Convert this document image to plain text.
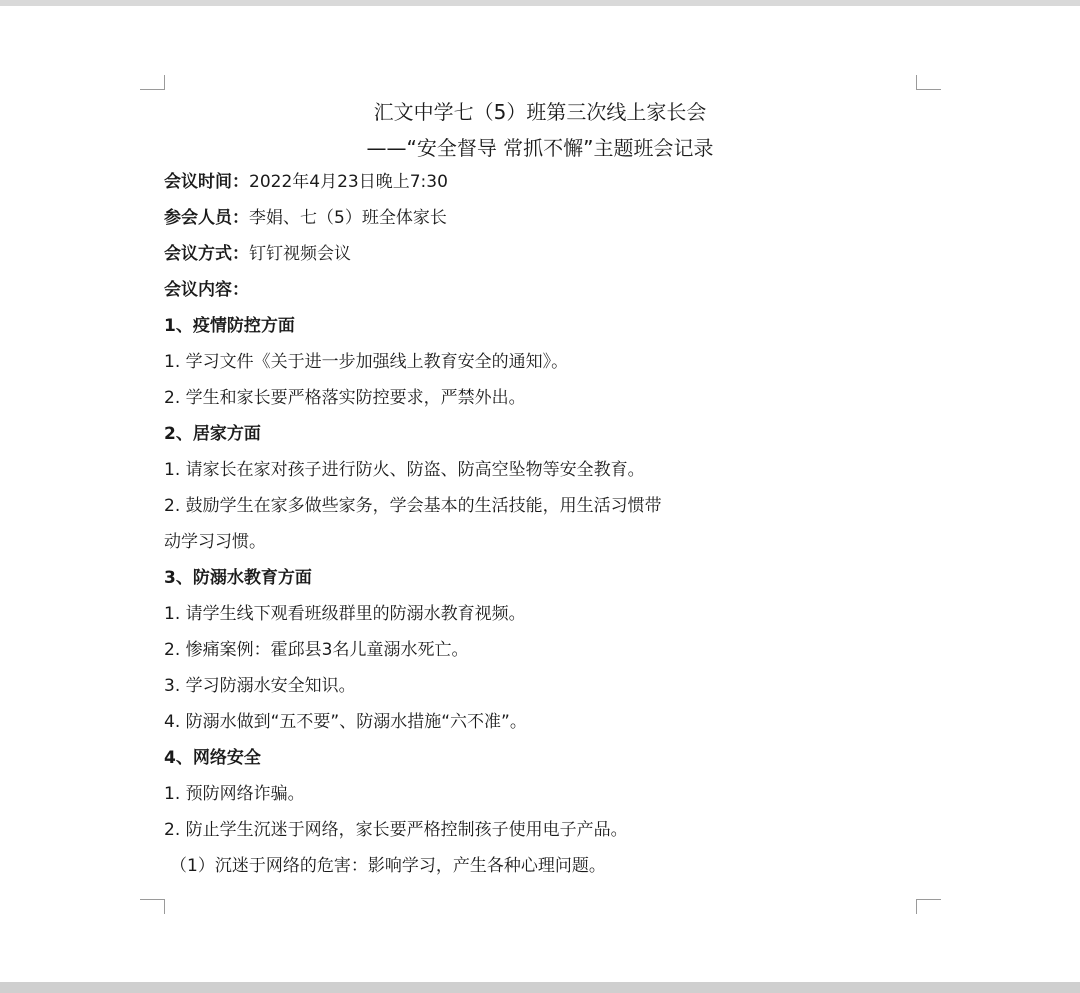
汇文中学七（5）班第三次线上家长会
——“安全督导 常抓不懈”主题班会记录
会议时间：2022年4月23日晚上7:30
参会人员：李娟、七（5）班全体家长
会议方式：钉钉视频会议
会议内容：
1、疫情防控方面
1. 学习文件《关于进一步加强线上教育安全的通知》。
2. 学生和家长要严格落实防控要求，严禁外出。
2、居家方面
1. 请家长在家对孩子进行防火、防盗、防高空坠物等安全教育。
2. 鼓励学生在家多做些家务，学会基本的生活技能，用生活习惯带
动学习习惯。
3、防溺水教育方面
1. 请学生线下观看班级群里的防溺水教育视频。
2. 惨痛案例：霍邱县3名儿童溺水死亡。
3. 学习防溺水安全知识。
4. 防溺水做到“五不要”、防溺水措施“六不准”。
4、网络安全
1. 预防网络诈骗。
2. 防止学生沉迷于网络，家长要严格控制孩子使用电子产品。
（1）沉迷于网络的危害：影响学习，产生各种心理问题。
